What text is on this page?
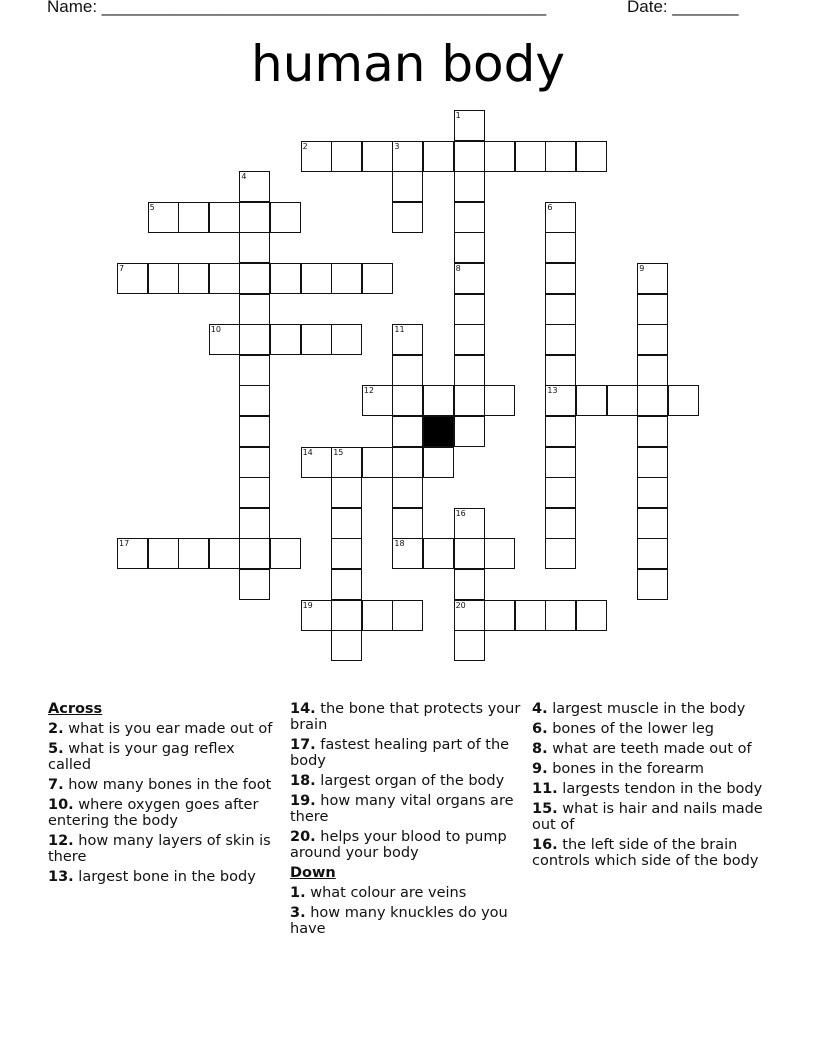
Name: _______________________________________________	Date: _______
human body
2	3
5
7
10
12	13
14	15
17	18
19	20
1
4
6
8	9
11
16
Across
2. what is you ear made out of
5. what is your gag reflex called
7. how many bones in the foot
10. where oxygen goes after entering the body
12. how many layers of skin is there
13. largest bone in the body
14. the bone that protects your brain
17. fastest healing part of the body
18. largest organ of the body
19. how many vital organs are there
20. helps your blood to pump around your body
Down
1. what colour are veins
3. how many knuckles do you have
4. largest muscle in the body
6. bones of the lower leg
8. what are teeth made out of
9. bones in the forearm
11. largests tendon in the body
15. what is hair and nails made out of
16. the left side of the brain controls which side of the body
